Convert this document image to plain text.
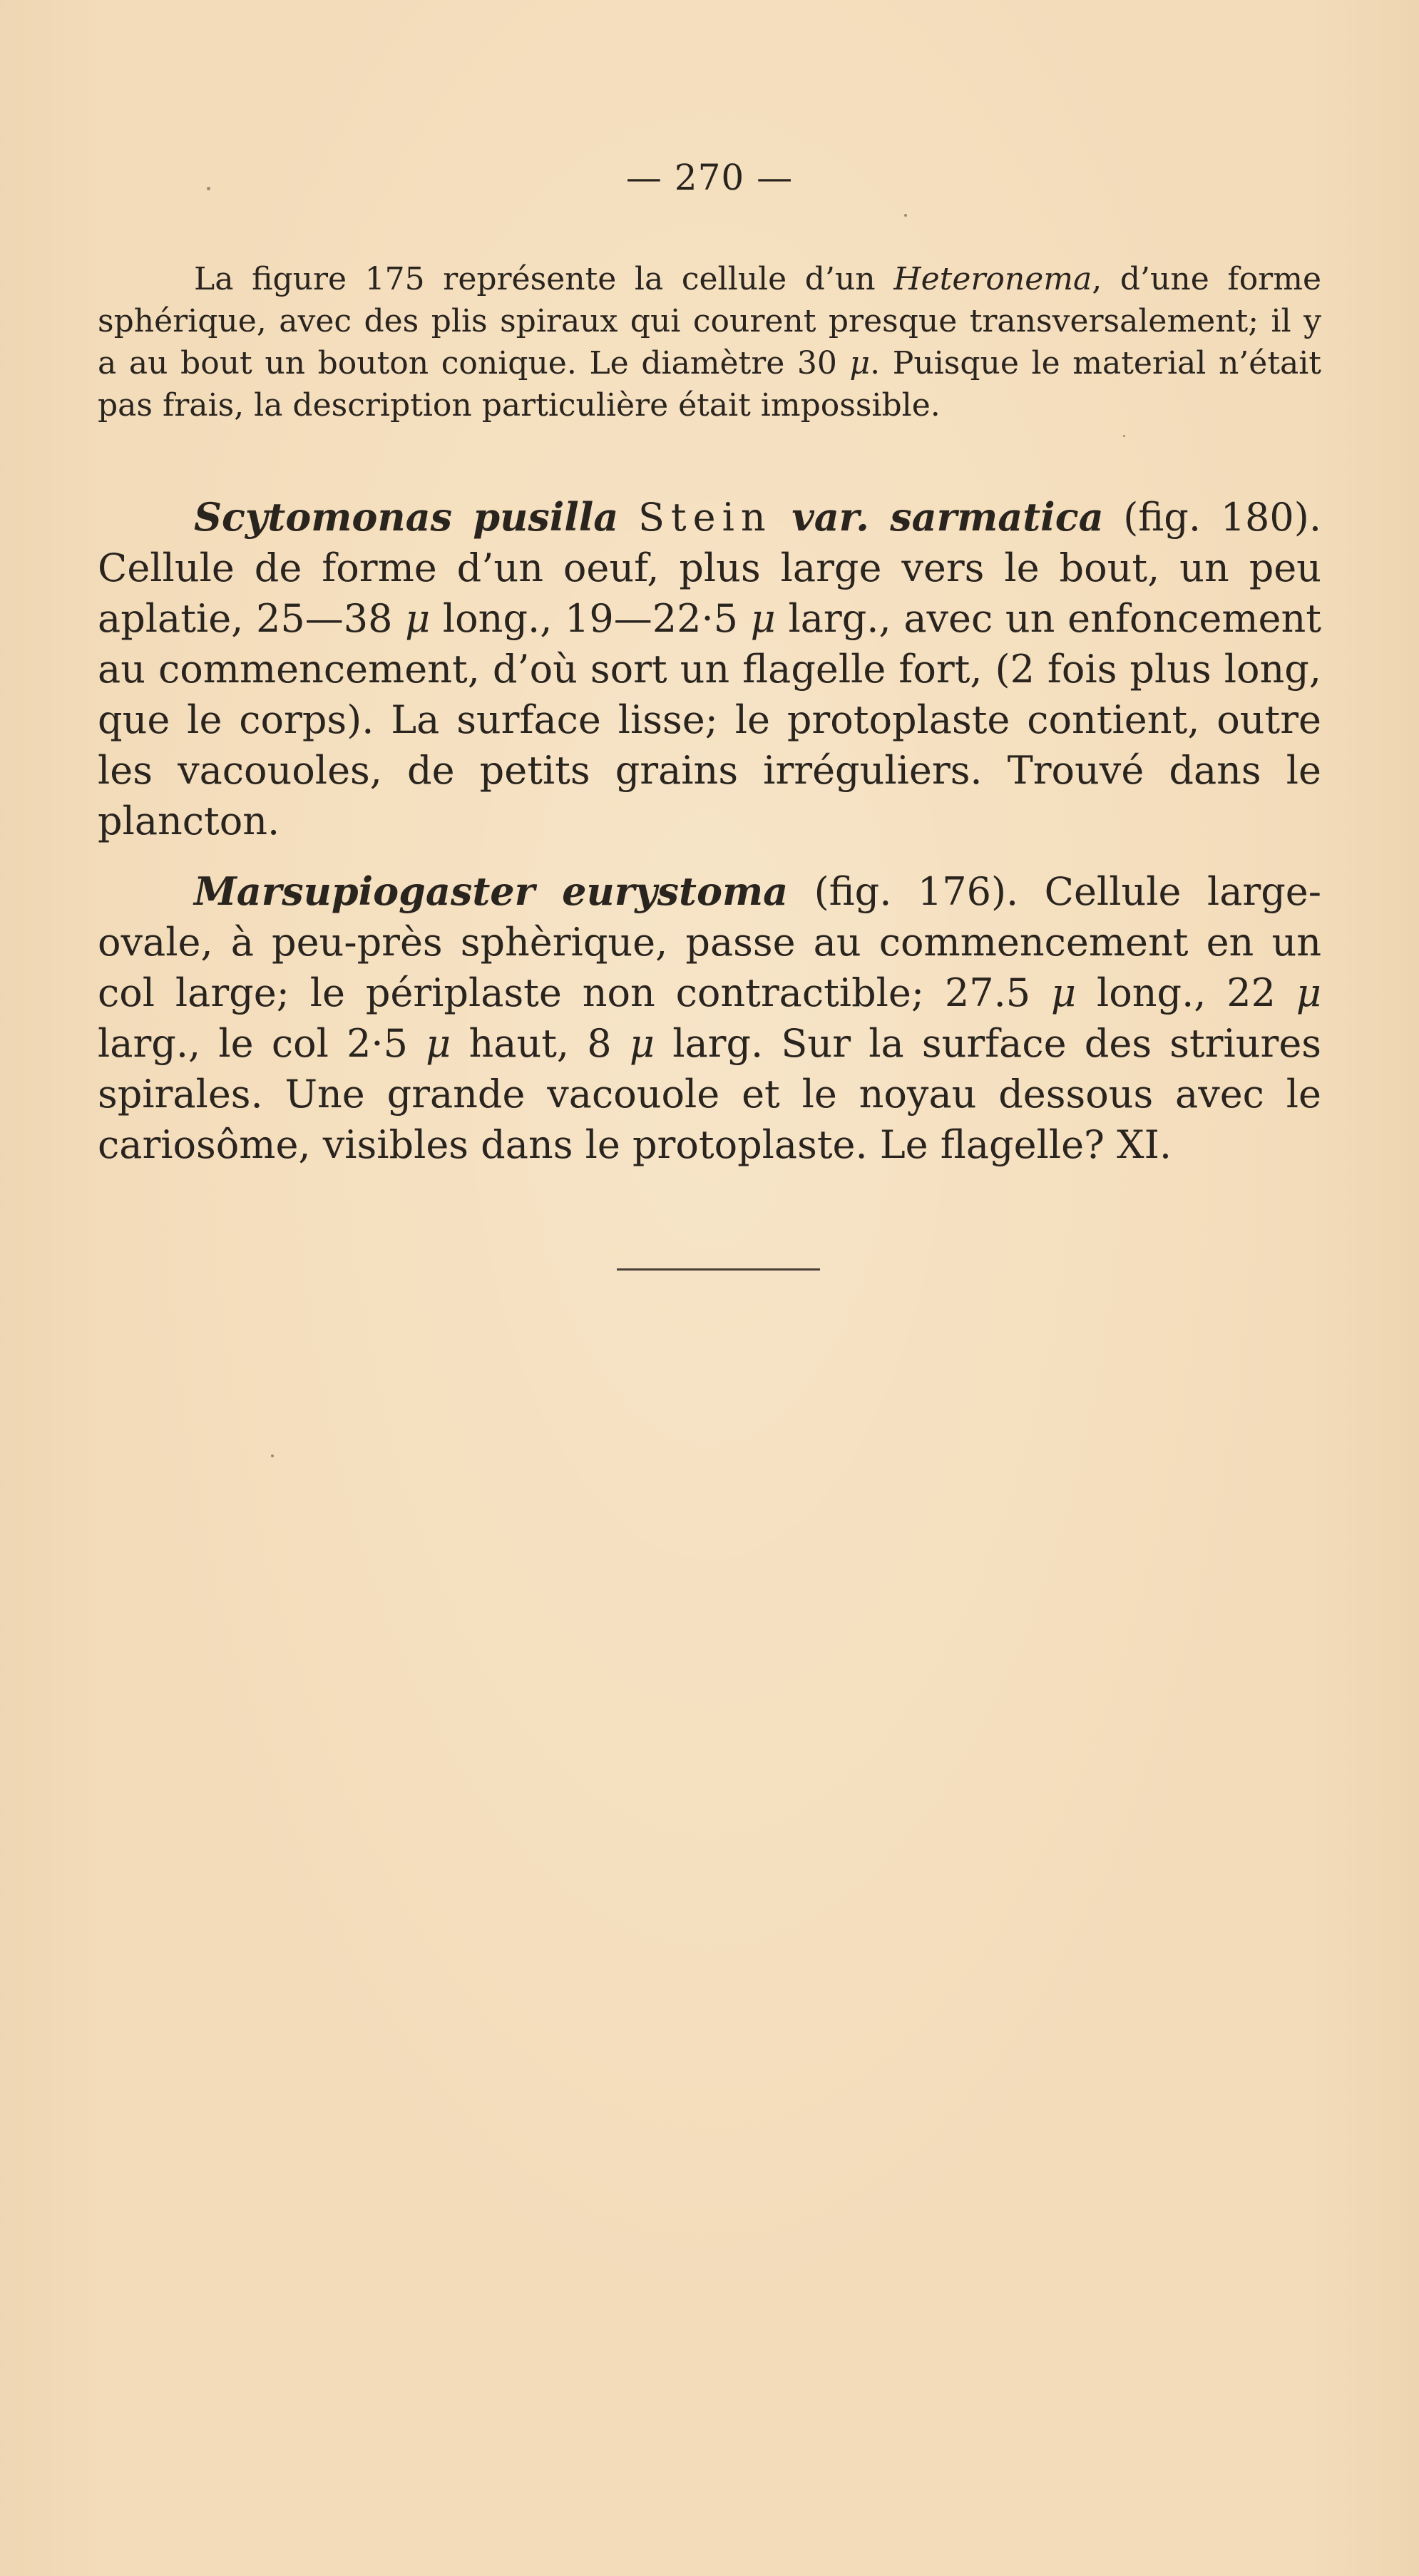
— 270 —
La figure 175 représente la cellule d’un Heteronema, d’une forme sphérique, avec des plis spiraux qui courent presque transversalement; il y a au bout un bouton conique. Le diamètre 30 μ. Puisque le material n’était pas frais, la description particulière était impossible.
Scytomonas pusilla Stein var. sarmatica (fig. 180). Cellule de forme d’un oeuf, plus large vers le bout, un peu aplatie, 25—38 μ long., 19—22·5 μ larg., avec un enfoncement au commencement, d’où sort un flagelle fort, (2 fois plus long, que le corps). La surface lisse; le protoplaste contient, outre les vacouoles, de petits grains irréguliers. Trouvé dans le plancton.
Marsupiogaster eurystoma (fig. 176). Cellule large-ovale, à peu-près sphèrique, passe au commencement en un col large; le périplaste non contractible; 27.5 μ long., 22 μ larg., le col 2·5 μ haut, 8 μ larg. Sur la surface des striures spirales. Une grande vacouole et le noyau dessous avec le cariosôme, visibles dans le protoplaste. Le flagelle? XI.
